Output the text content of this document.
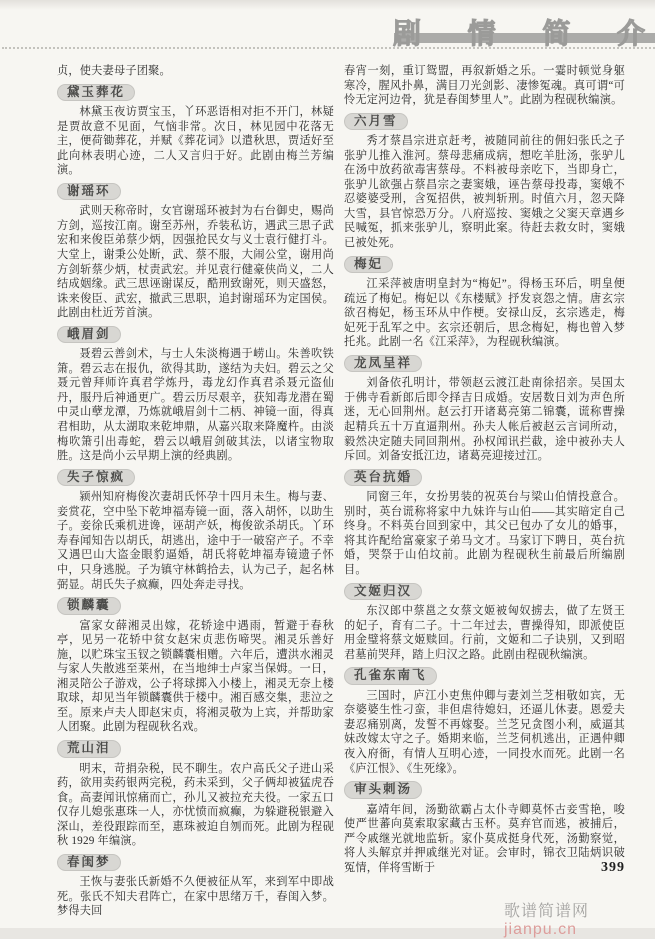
剧 情 简 介

贞，使夫妻母子团聚。

黛玉葬花

林黛玉夜访贾宝玉，丫环恶语相对拒不开门，林疑是贾故意不见面，气恼非常。次日，林见园中花落无主，便荷锄葬花，并赋《葬花词》以遣秋思，贾适好至此向林表明心迹，二人又言归于好。此剧由梅兰芳编演。

谢瑶环

武则天称帝时，女官谢瑶环被封为右台御史，赐尚方剑，巡按江南。谢至苏州，乔装私访，遇武三思子武宏和来俊臣弟蔡少炳，因强抢民女与义士袁行健打斗。大堂上，谢秉公处断，武、蔡不服，大闹公堂，谢用尚方剑斩蔡少炳，杖责武宏。并见袁行健豪侠尚义，二人结成姻缘。武三思诬谢谋反，酷刑致谢死，则天盛怒，诛来俊臣、武宏，撤武三思职，追封谢瑶环为定国侯。此剧由杜近芳首演。

峨眉剑

聂碧云善剑术，与士人朱淡梅遇于崂山。朱善吹铁箫。碧云志在报仇，欲得其助，遂结为夫妇。碧云之父聂元曾拜师许真君学炼丹，毒龙幻作真君杀聂元盗仙丹，服丹后神通更广。碧云历尽艰辛，获知毒龙潜在蜀中灵山孽龙潭，乃炼就峨眉剑十二柄、神镜一面，得真君相助，从太湖取来乾坤鼎，从嘉兴取来降魔杵。由淡梅吹箫引出毒蛇，碧云以峨眉剑破其法，以诸宝物取胜。这是尚小云早期上演的经典剧。

失子惊疯

颍州知府梅俊次妻胡氏怀孕十四月未生。梅与妻、妾赏花，空中坠下乾坤福寿镜一面，落入胡怀，以助生子。妾徐氏乘机进谗，诬胡产妖，梅俊欲杀胡氏。丫环寿春闻知告以胡氏，胡逃出，途中于一破窑产子。不幸又遇巴山大盗金眼豹逼婚，胡氏将乾坤福寿镜遗子怀中，只身逃脱。子为镇守林鹤拾去，认为己子，起名林弼显。胡氏失子疯癫，四处奔走寻找。

锁麟囊

富家女薛湘灵出嫁，花轿途中遇雨，暂避于春秋亭，见另一花轿中贫女赵宋贞悲伤啼哭。湘灵乐善好施，以贮珠宝玉钗之锁麟囊相赠。六年后，遭洪水湘灵与家人失散逃至莱州，在当地绅士卢家当保姆。一日，湘灵陪公子游戏，公子将球掷入小楼上，湘灵无奈上楼取球，却见当年锁麟囊供于楼中。湘百感交集，悲泣之至。原来卢夫人即赵宋贞，将湘灵敬为上宾，并帮助家人团聚。此剧为程砚秋名戏。

荒山泪

明末，苛捐杂税，民不聊生。农户高氏父子进山采药，欲用卖药银两完税，药未采到，父子俩却被猛虎吞食。高妻闻讯惊痛而亡，孙儿又被拉充夫役。一家五口仅存儿媳张惠珠一人，亦忧愤而疯癫，为躲避税银避入深山，差役跟踪而至，惠珠被迫自刎而死。此剧为程砚秋 1929 年编演。

春闺梦

王恢与妻张氏新婚不久便被征从军，来到军中即战死。张氏不知夫君阵亡，在家中思绪万千，春闺入梦。梦得夫回

春宵一刻，重订鸳盟，再叙新婚之乐。一霎时顿觉身躯寒冷，腥风扑鼻，满目刀光剑影、凄惨冤魂。真可谓“可怜无定河边骨，犹是春闺梦里人”。此剧为程砚秋编演。

六月雪

秀才蔡昌宗进京赶考，被随同前往的佣妇张氏之子张驴儿推入淮河。蔡母悲痛成病，想吃羊肚汤，张驴儿在汤中放药欲毒害蔡母。不料被母亲吃下，当即身亡，张驴儿欲强占蔡昌宗之妻窦娥，诬告蔡母投毒，窦娥不忍婆婆受刑，含冤招供，被判斩刑。时值六月，忽天降大雪，县官惊恐万分。八府巡按、窦娥之父窦天章遇乡民喊冤，抓来张驴儿，察明此案。待赶去救女时，窦娥已被处死。

梅妃

江采萍被唐明皇封为“梅妃”。得杨玉环后，明皇便疏远了梅妃。梅妃以《东楼赋》抒发哀怨之情。唐玄宗欲召梅妃，杨玉环从中作梗。安禄山反，玄宗逃走，梅妃死于乱军之中。玄宗还朝后，思念梅妃，梅也曾入梦托兆。此剧一名《江采萍》，为程砚秋编演。

龙凤呈祥

刘备依孔明计，带领赵云渡江赴南徐招亲。吴国太于佛寺看新郎后即令择吉日成婚。安居数日刘为声色所迷，无心回荆州。赵云打开诸葛亮第二锦囊，谎称曹操起精兵五十万直逼荆州。孙夫人帐后被赵云言词所动，毅然决定随夫同回荆州。孙权闻讯拦截，途中被孙夫人斥回。刘备安抵江边，诸葛亮迎接过江。

英台抗婚

同窗三年，女扮男装的祝英台与梁山伯情投意合。别时，英台谎称将家中九妹许与山伯——其实暗定自己终身。不料英台回到家中，其父已包办了女儿的婚事，将其许配给富豪家子弟马文才。马家订下聘日，英台抗婚，哭祭于山伯坟前。此剧为程砚秋生前最后所编剧目。

文姬归汉

东汉郎中蔡邕之女蔡文姬被匈奴掳去，做了左贤王的妃子，育有二子。十二年过去，曹操得知，即派使臣用金璧将蔡文姬赎回。行前，文姬和二子诀别，又到昭君墓前哭拜，踏上归汉之路。此剧由程砚秋编演。

孔雀东南飞

三国时，庐江小吏焦仲卿与妻刘兰芝相敬如宾，无奈婆婆生性刁蛮，非但虐待媳妇，还逼儿休妻。恩爱夫妻忍痛别离，发誓不再嫁娶。兰芝兄贪图小利，威逼其妹改嫁太守之子。婚期来临，兰芝伺机逃出，正遇仲卿夜入府衙，有情人互明心迹，一同投水而死。此剧一名《庐江恨》、《生死缘》。

审头刺汤

嘉靖年间，汤勤欲霸占太仆寺卿莫怀古妾雪艳，唆使严世蕃向莫索取家藏古玉杯。莫弃官而逃，被捕后，严令戚继光就地监斩。家仆莫成挺身代死，汤勤察觉，将人头解京并押戚继光对证。会审时，锦衣卫陆炳识破冤情，佯将雪断于	399
歌谱简谱网 jianpu.cn
